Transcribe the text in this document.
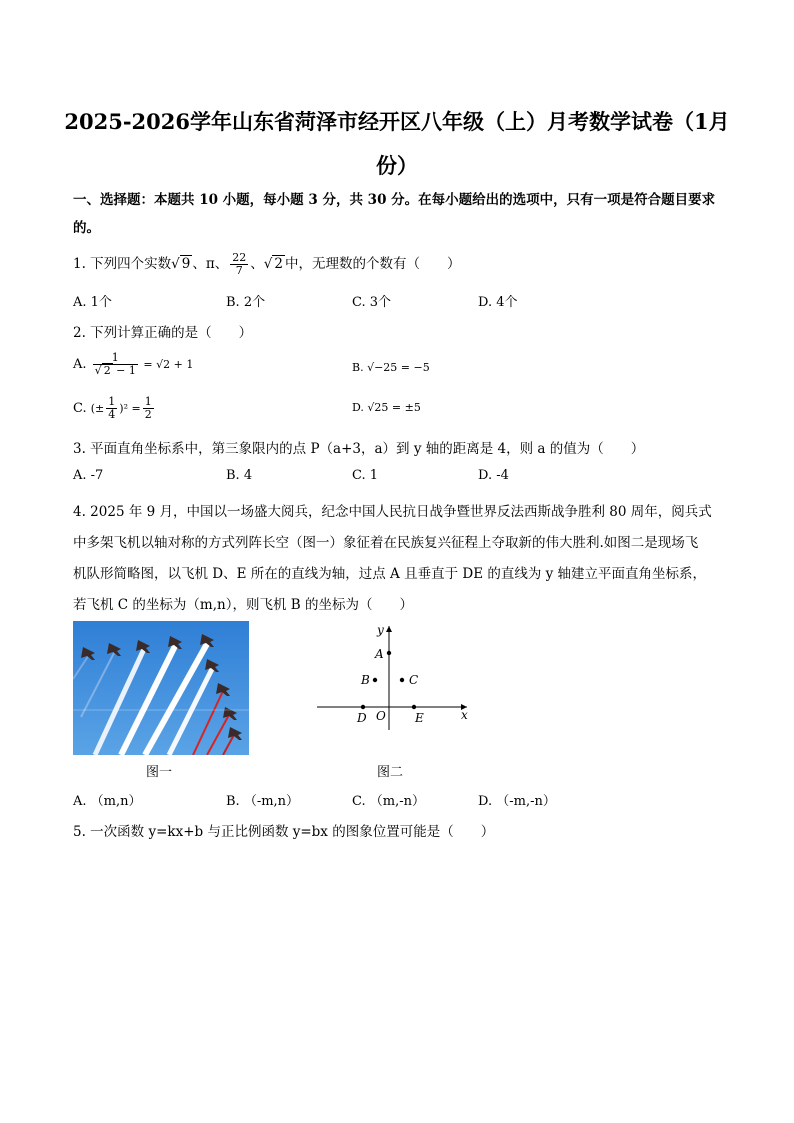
2025-2026学年山东省菏泽市经开区八年级（上）月考数学试卷（1月份）
一、选择题：本题共 10 小题，每小题 3 分，共 30 分。在每小题给出的选项中，只有一项是符合题目要求
的。
1. 下列四个实数√ 9 、π、 $\frac{22}{7}$ 、√ 2 中，无理数的个数有（　　）
A. 1个	B. 2个	C. 3个	D. 4个
2. 下列计算正确的是（　　）
A. $\frac{1}{√ 2 - 1} = √2 + 1$	B. √−25 = −5
C. (± $\frac{1}{4} )^2 = \frac{1}{2}$	D. √25 = ±5
3. 平面直角坐标系中，第三象限内的点 P（a+3，a）到 y 轴的距离是 4，则 a 的值为（　　）
A. -7	B. 4	C. 1	D. -4
4. 2025 年 9 月，中国以一场盛大阅兵，纪念中国人民抗日战争暨世界反法西斯战争胜利 80 周年，阅兵式
中多架飞机以轴对称的方式列阵长空（图一）象征着在民族复兴征程上夺取新的伟大胜利.如图二是现场飞
机队形简略图，以飞机 D、E 所在的直线为轴，过点 A 且垂直于 DE 的直线为 y 轴建立平面直角坐标系，
若飞机 C 的坐标为（m,n），则飞机 B 的坐标为（　　）
图一
y
x
A
B	C
D O E
图二
A. （m,n）	B. （-m,n）	C. （m,-n）	D. （-m,-n）
5. 一次函数 y=kx+b 与正比例函数 y=bx 的图象位置可能是（　　）
